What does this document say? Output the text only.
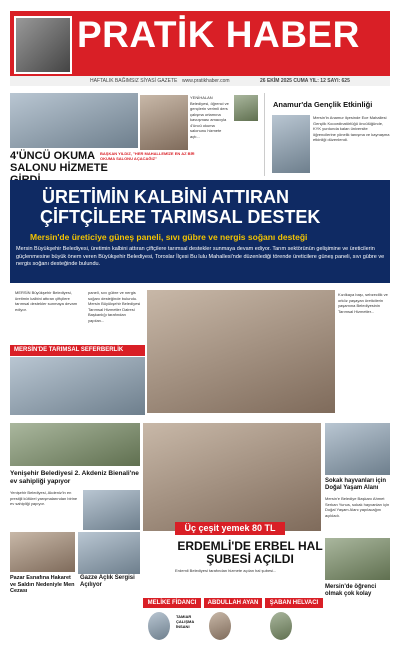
PRATİK HABER
HAFTALIK BAĞIMSIZ SİYASİ GAZETE www.pratikhaber.com	26 EKİM 2025 CUMA YIL: 12 SAYI: 625
4'ÜNCÜ OKUMA SALONU HİZMETE
BAŞKAN YILDIZ, "HER MAHALLEMİZE EN AZ BİR OKUMA SALONU AÇACAĞIZ"
YENİHALAN Belediyesi, öğrenci ve gençlerin verimli ders çalışma ortamına kavuşması amacıyla 4'üncü okuma salonunu hizmete açtı...
Anamur'da Gençlik Etkinliği
Mersin'in Anamur ilçesinde Ece Mahallesi Gençlik Kooordinatörlüğü öncülüğünde, KYK yurdunda kalan üniversite öğrencilerine yönelik tanışma ve kaynaşma etkinliği düzenlendi.
ÜRETİMİN KALBİNİ ATTIRAN
ÇİFTÇİLERE TARIMSAL DESTEK
Mersin'de üreticiye güneş paneli, sıvı gübre ve nergis soğanı desteği
Mersin Büyükşehir Belediyesi, üretimin kalbini attıran çiftçilere tarımsal destekler sunmaya devam ediyor. Tarım sektörünün gelişimine ve üreticilerin güçlenmesine büyük önem veren Büyükşehir Belediyesi, Toroslar İlçesi Bu lulu Mahallesi'nde düzenlediği törende üreticilere güneş paneli, sıvı gübre ve nergis soğanı desteğinde bulundu.
MERSİN Büyükşehir Belediyesi, üretimin kalbini attıran çiftçilere tarımsal destekler sunmaya devam ediyor.
paneli, sıvı gübre ve nergis soğanı desteğinde bulundu. Mersin Büyükşehir Belediyesi Tarımsal Hizmetler Dairesi Başkanlığı tarafından yapılan...
MERSİN'DE TARIMSAL SEFERBERLİK
Kızılkaya başı, sebzecilik ve orköz yaşayan üreticilerin yaşamına Belediyesinin Tarımsal Hizmetler...
Yenişehir Belediyesi 2. Akdeniz Bienali'ne ev sahipliği yapıyor
Yenişehir Belediyesi, Akdeniz'in en prestijli kültürel yarışmalarından birine ev sahipliği yapıyor.
Üç çeşit yemek 80 TL
ERDEMLİ'DE ERBEL HAL ŞUBESİ AÇILDI
Erdemli Belediyesi tarafından hizmete açılan hal şubesi...
Sokak hayvanları için Doğal Yaşam Alanı
Mersin'e Belediye Başkanı Ahmet Serkan Yunus, sokak hayvanları için Doğal Yaşam Alanı yapılacağını açıkladı.
Mersin'de öğrenci olmak çok kolay
Pazar Esnafına Hakaret ve Saldırı Nedeniyle Men Cezası
Gazze Açlık Sergisi Açılıyor
MELİKE FİDANCI	ABDULLAH AYAN	ŞABAN HELVACI
TAMIAR ÇALIŞMA İNSANI
